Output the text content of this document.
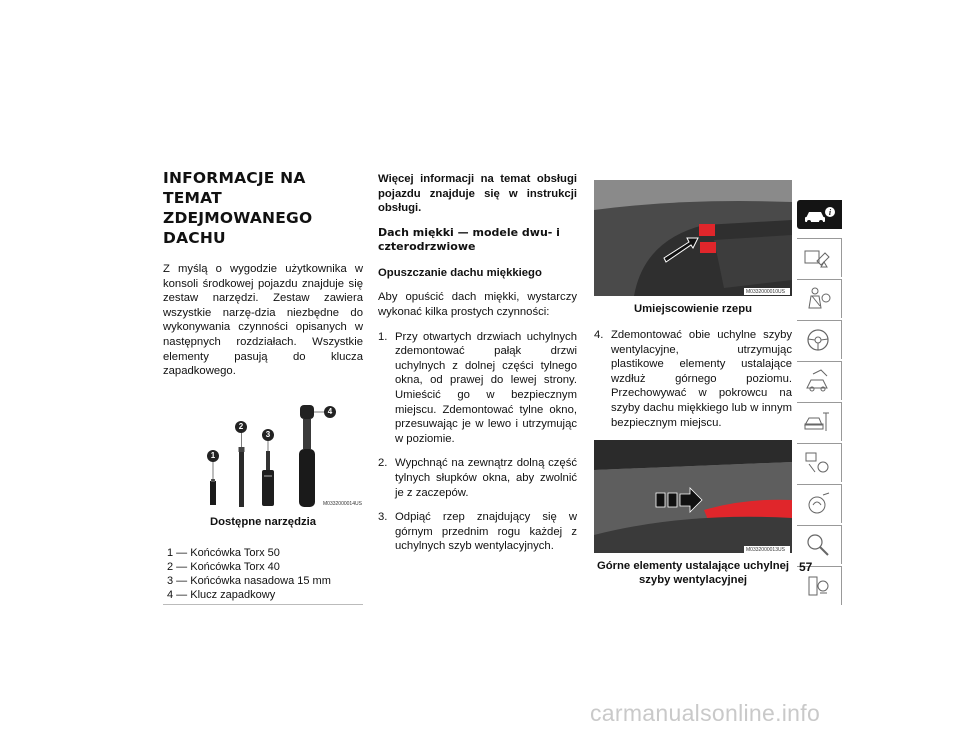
INFORMACJE NA TEMAT
ZDEJMOWANEGO DACHU

Z myślą o wygodzie użytkownika w konsoli środkowej pojazdu znajduje się zestaw narzędzi. Zestaw zawiera wszystkie narzę-dzia niezbędne do wykonywania czynności opisanych w następnych rozdziałach. Wszystkie elementy pasują do klucza zapadkowego.

1
2
3
4
M0332000014US
Dostępne narzędzia
1 — Końcówka Torx 50
2 — Końcówka Torx 40
3 — Końcówka nasadowa 15 mm
4 — Klucz zapadkowy

Więcej informacji na temat obsługi pojazdu znajduje się w instrukcji obsługi.

Dach miękki — modele dwu- i
czterodrzwiowe

Opuszczanie dachu miękkiego

Aby opuścić dach miękki, wystarczy wykonać kilka prostych czynności:

1. Przy otwartych drzwiach uchylnych zdemontować pałąk drzwi uchylnych z dolnej części tylnego okna, od prawej do lewej strony. Umieścić go w bezpiecznym miejscu. Zdemontować tylne okno, przesuwając je w lewo i utrzymując w poziomie.
2. Wypchnąć na zewnątrz dolną część tylnych słupków okna, aby zwolnić je z zaczepów.
3. Odpiąć rzep znajdujący się w górnym przednim rogu każdej z uchylnych szyb wentylacyjnych.
M0332000010US
Umiejscowienie rzepu
4. Zdemontować obie uchylne szyby wentylacyjne, utrzymując plastikowe elementy ustalające wzdłuż górnego poziomu. Przechowywać w pokrowcu na szyby dachu miękkiego lub w innym bezpiecznym miejscu.
M0332000013US
Górne elementy ustalające uchylnej
szyby wentylacyjnej
i
57
carmanualsonline.info
